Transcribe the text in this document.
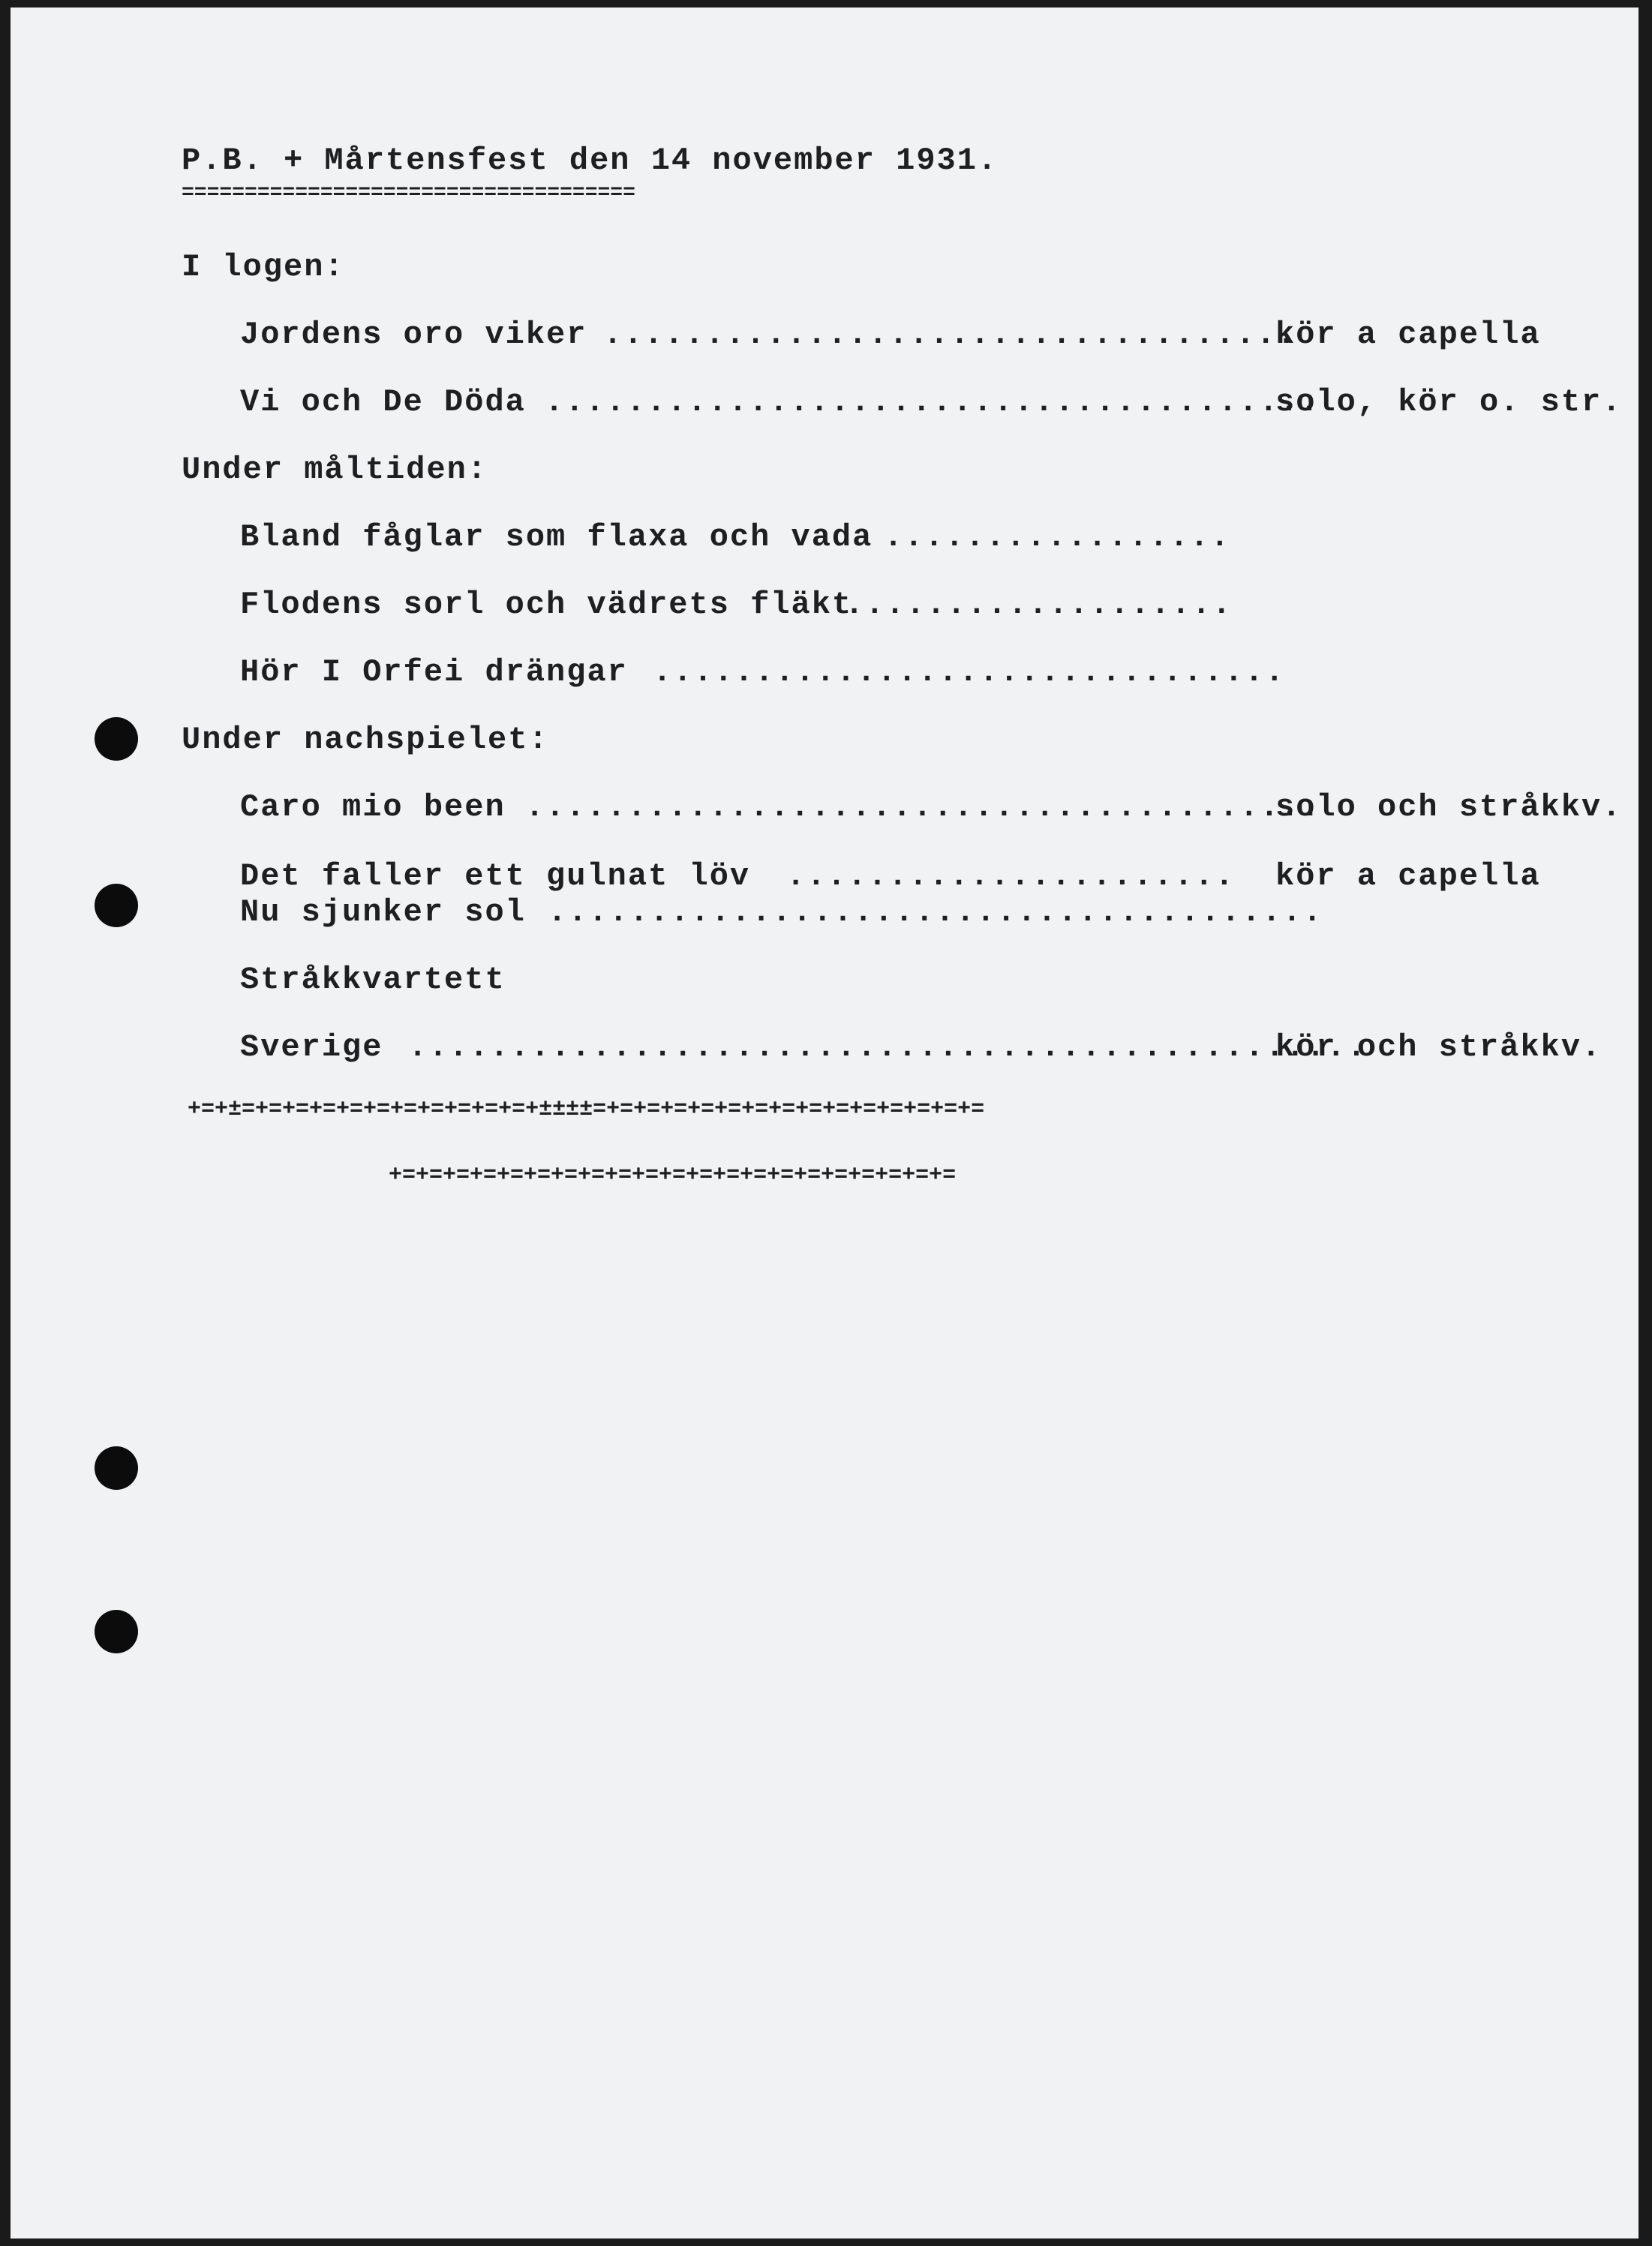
P.B. + Mårtensfest den 14 november 1931.
====================================
I logen:
Jordens oro viker ..................................
kör a capella
Vi och De Döda ......................................
solo, kör o. str.
Under måltiden:
Bland fåglar som flaxa och vada .................
Flodens sorl och vädrets fläkt
...................
Hör I Orfei drängar ...............................
Under nachspielet:
Caro mio been .......................................
solo och stråkkv.
Det faller ett gulnat löv ...................... kör a capella
Nu sjunker sol ......................................
Stråkkvartett
Sverige ...............................................
kör och stråkkv.
+=+±=+=+=+=+=+=+=+=+=+=+=+±±±±=+=+=+=+=+=+=+=+=+=+=+=+=+=+=
+=+=+=+=+=+=+=+=+=+=+=+=+=+=+=+=+=+=+=+=+=
